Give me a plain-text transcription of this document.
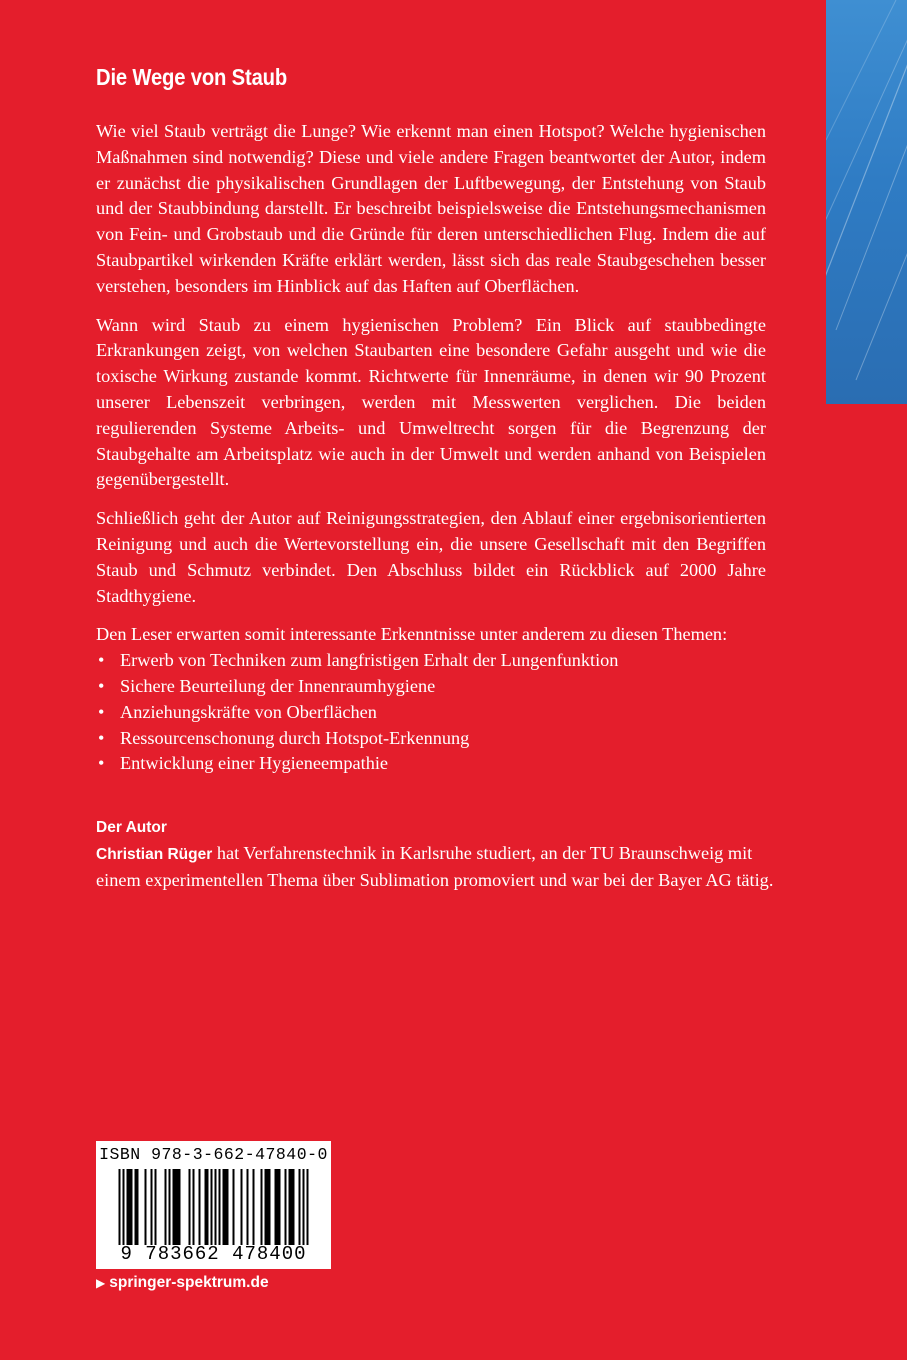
Die Wege von Staub

Wie viel Staub verträgt die Lunge? Wie erkennt man einen Hotspot? Welche hygienischen Maßnahmen sind notwendig? Diese und viele andere Fragen beantwortet der Autor, indem er zunächst die physikalischen Grundlagen der Luftbewegung, der Entstehung von Staub und der Staubbindung darstellt. Er beschreibt beispielsweise die Entstehungsmechanismen von Fein- und Grobstaub und die Gründe für deren unterschiedlichen Flug. Indem die auf Staubpartikel wirkenden Kräfte erklärt werden, lässt sich das reale Staubgeschehen besser verstehen, besonders im Hinblick auf das Haften auf Oberflächen.

Wann wird Staub zu einem hygienischen Problem? Ein Blick auf staubbedingte Erkrankungen zeigt, von welchen Staubarten eine besondere Gefahr ausgeht und wie die toxische Wirkung zustande kommt. Richtwerte für Innenräume, in denen wir 90 Prozent unserer Lebenszeit verbringen, werden mit Messwerten verglichen. Die beiden regulierenden Systeme Arbeits- und Umweltrecht sorgen für die Begrenzung der Staubgehalte am Arbeitsplatz wie auch in der Umwelt und werden anhand von Beispielen gegenübergestellt.

Schließlich geht der Autor auf Reinigungsstrategien, den Ablauf einer ergebnisorientierten Reinigung und auch die Wertevorstellung ein, die unsere Gesellschaft mit den Begriffen Staub und Schmutz verbindet. Den Abschluss bildet ein Rückblick auf 2000 Jahre Stadthygiene.

Den Leser erwarten somit interessante Erkenntnisse unter anderem zu diesen Themen:
• Erwerb von Techniken zum langfristigen Erhalt der Lungenfunktion
• Sichere Beurteilung der Innenraumhygiene
• Anziehungskräfte von Oberflächen
• Ressourcenschonung durch Hotspot-Erkennung
• Entwicklung einer Hygieneempathie
Der Autor
Christian Rüger hat Verfahrenstechnik in Karlsruhe studiert, an der TU Braunschweig mit einem experimentellen Thema über Sublimation promoviert und war bei der Bayer AG tätig.
ISBN 978-3-662-47840-0
9 783662 478400
▶ springer-spektrum.de
